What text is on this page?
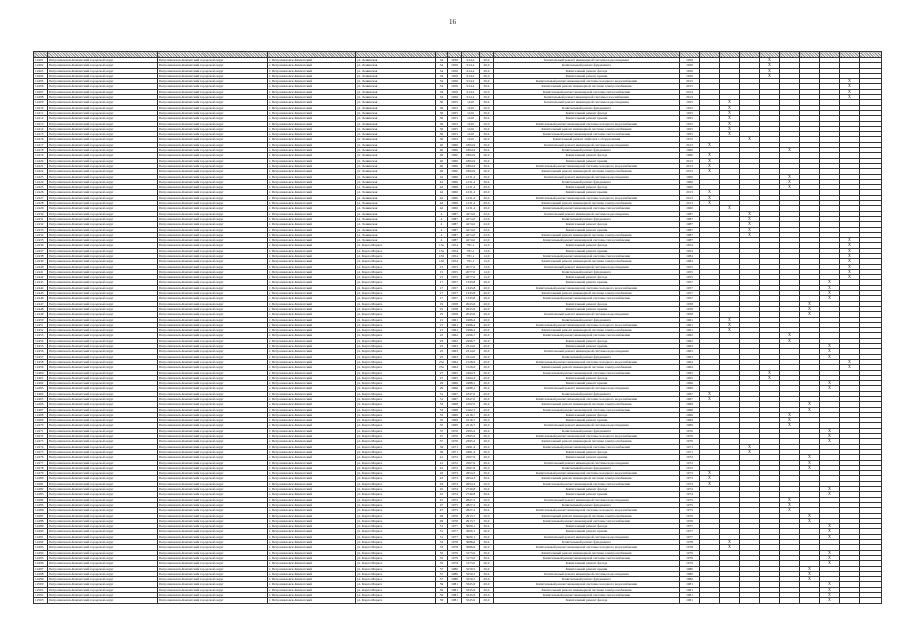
16

12401	Петропавловск-Камчатский городской округ	Петропавловск-Камчатский городской округ	г. Петропавловск-Камчатский	ул. Ленинская	34	1956	914,2	20,0	Капитальный ремонт инженерной системы водоотведения	1956				X					
12402	Петропавловск-Камчатский городской округ	Петропавловск-Камчатский городской округ	г. Петропавловск-Камчатский	ул. Ленинская	34	1956	914,2	20,0	Капитальный ремонт фундамента	1956				X					
12403	Петропавловск-Камчатский городской округ	Петропавловск-Камчатский городской округ	г. Петропавловск-Камчатский	ул. Ленинская	34	1956	914,2	20,0	Капитальный ремонт фасада	1956				X					
12404	Петропавловск-Камчатский городской округ	Петропавловск-Камчатский городской округ	г. Петропавловск-Камчатский	ул. Ленинская	34	1956	914,2	20,0	Капитальный ремонт крыши	1956				X					
12405	Петропавловск-Камчатский городской округ	Петропавловск-Камчатский городской округ	г. Петропавловск-Камчатский	ул. Ленинская	34	1956	914,2	20,0	Капитальный ремонт инженерной системы холодного водоснабжения	2015								X	
12406	Петропавловск-Камчатский городской округ	Петропавловск-Камчатский городской округ	г. Петропавловск-Камчатский	ул. Ленинская	34	1956	914,2	20,0	Капитальный ремонт инженерной системы электроснабжения	2015								X	
12407	Петропавловск-Камчатский городской округ	Петропавловск-Камчатский городской округ	г. Петропавловск-Камчатский	ул. Ленинская	34	1956	914,2	20,0	Капитальный ремонт инженерной системы теплоснабжения	2014								X	
12408	Петропавловск-Камчатский городской округ	Петропавловск-Камчатский городской округ	г. Петропавловск-Камчатский	ул. Ленинская	34	1956	914,2	20,0	Капитальный ремонт инженерной системы газоснабжения	2014								X	
12409	Петропавловск-Камчатский городской округ	Петропавловск-Камчатский городской округ	г. Петропавловск-Камчатский	ул. Ленинская	36	1955	1410	20,0	Капитальный ремонт инженерной системы водоотведения	1955		X							
12410	Петропавловск-Камчатский городской округ	Петропавловск-Камчатский городской округ	г. Петропавловск-Камчатский	ул. Ленинская	36	1955	1410	20,0	Капитальный ремонт фундамента	1955		X							
12411	Петропавловск-Камчатский городской округ	Петропавловск-Камчатский городской округ	г. Петропавловск-Камчатский	ул. Ленинская	36	1955	1410	20,0	Капитальный ремонт фасада	1955		X							
12412	Петропавловск-Камчатский городской округ	Петропавловск-Камчатский городской округ	г. Петропавловск-Камчатский	ул. Ленинская	36	1955	1410	20,0	Капитальный ремонт крыши	1955		X							
12413	Петропавловск-Камчатский городской округ	Петропавловск-Камчатский городской округ	г. Петропавловск-Камчатский	ул. Ленинская	36	1955	1410	20,0	Капитальный ремонт инженерной системы холодного водоснабжения	1955		X							
12414	Петропавловск-Камчатский городской округ	Петропавловск-Камчатский городской округ	г. Петропавловск-Камчатский	ул. Ленинская	36	1955	1410	20,0	Капитальный ремонт инженерной системы электроснабжения	1955		X							
12415	Петропавловск-Камчатский городской округ	Петропавловск-Камчатский городской округ	г. Петропавловск-Камчатский	ул. Ленинская	36	1955	1410	20,0	Капитальный ремонт инженерной системы теплоснабжения	1955		X							
12416	Петропавловск-Камчатский городской округ	Петропавловск-Камчатский городской округ	г. Петропавловск-Камчатский	ул. Ленинская	36	1955	1410	20,0	Капитальный ремонт лифтового оборудования	1972			X						
12417	Петропавловск-Камчатский городской округ	Петропавловск-Камчатский городской округ	г. Петропавловск-Камчатский	ул. Ленинская	40	1960	1864,9	20,0	Капитальный ремонт инженерной системы водоотведения	2013	X								
12418	Петропавловск-Камчатский городской округ	Петропавловск-Камчатский городской округ	г. Петропавловск-Камчатский	ул. Ленинская	40	1960	1864,9	20,0	Капитальный ремонт фундамента	1960					X				
12419	Петропавловск-Камчатский городской округ	Петропавловск-Камчатский городской округ	г. Петропавловск-Камчатский	ул. Ленинская	40	1960	1864,9	20,0	Капитальный ремонт фасада	1960	X								
12420	Петропавловск-Камчатский городской округ	Петропавловск-Камчатский городской округ	г. Петропавловск-Камчатский	ул. Ленинская	40	1960	1864,9	20,0	Капитальный ремонт крыши	2013	X								
12421	Петропавловск-Камчатский городской округ	Петропавловск-Камчатский городской округ	г. Петропавловск-Камчатский	ул. Ленинская	40	1960	1864,9	20,0	Капитальный ремонт инженерной системы холодного водоснабжения	2013	X								
12422	Петропавловск-Камчатский городской округ	Петропавловск-Камчатский городской округ	г. Петропавловск-Камчатский	ул. Ленинская	40	1960	1864,9	20,0	Капитальный ремонт инженерной системы электроснабжения	2013	X								
12423	Петропавловск-Камчатский городской округ	Петропавловск-Камчатский городской округ	г. Петропавловск-Камчатский	ул. Ленинская	42	1960	1231,2	20,0	Капитальный ремонт инженерной системы водоотведения	1960					X				
12424	Петропавловск-Камчатский городской округ	Петропавловск-Камчатский городской округ	г. Петропавловск-Камчатский	ул. Ленинская	42	1960	1231,2	20,0	Капитальный ремонт фундамента	1960					X				
12425	Петропавловск-Камчатский городской округ	Петропавловск-Камчатский городской округ	г. Петропавловск-Камчатский	ул. Ленинская	42	1960	1231,2	20,0	Капитальный ремонт фасада	1960					X				
12426	Петропавловск-Камчатский городской округ	Петропавловск-Камчатский городской округ	г. Петропавловск-Камчатский	ул. Ленинская	42	1960	1231,2	20,0	Капитальный ремонт крыши	2013	X								
12427	Петропавловск-Камчатский городской округ	Петропавловск-Камчатский городской округ	г. Петропавловск-Камчатский	ул. Ленинская	42	1960	1231,2	20,0	Капитальный ремонт инженерной системы холодного водоснабжения	2013	X								
12428	Петропавловск-Камчатский городской округ	Петропавловск-Камчатский городской округ	г. Петропавловск-Камчатский	ул. Ленинская	42	1960	1231,2	20,0	Капитальный ремонт инженерной системы электроснабжения	2013	X								
12429	Петропавловск-Камчатский городской округ	Петропавловск-Камчатский городской округ	г. Петропавловск-Камчатский	ул. Ленинская	42	1960	1231,2	20,0	Капитальный ремонт инженерной системы теплоснабжения	1960		X							
12430	Петропавловск-Камчатский городской округ	Петропавловск-Камчатский городской округ	г. Петропавловск-Камчатский	ул. Ленинская	4	1987	4274,0	22,0	Капитальный ремонт инженерной системы водоотведения	1987			X						
12431	Петропавловск-Камчатский городской округ	Петропавловск-Камчатский городской округ	г. Петропавловск-Камчатский	ул. Ленинская	4	1987	4274,0	22,0	Капитальный ремонт фундамента	1987			X						
12432	Петропавловск-Камчатский городской округ	Петропавловск-Камчатский городской округ	г. Петропавловск-Камчатский	ул. Ленинская	4	1987	4274,0	22,0	Капитальный ремонт фасада	1987			X						
12433	Петропавловск-Камчатский городской округ	Петропавловск-Камчатский городской округ	г. Петропавловск-Камчатский	ул. Ленинская	4	1987	4274,0	22,0	Капитальный ремонт крыши	1987			X						
12434	Петропавловск-Камчатский городской округ	Петропавловск-Камчатский городской округ	г. Петропавловск-Камчатский	ул. Ленинская	4	1987	4274,0	22,0	Капитальный ремонт инженерной системы электроснабжения	1987			X						
12435	Петропавловск-Камчатский городской округ	Петропавловск-Камчатский городской округ	г. Петропавловск-Камчатский	ул. Ленинская	4	1987	4274,0	22,0	Капитальный ремонт инженерной системы теплоснабжения	1987								X	
12436	Петропавловск-Камчатский городской округ	Петропавловск-Камчатский городской округ	г. Петропавловск-Камчатский	ул. Карла Маркса	13а	1954	781,1	12,0	Капитальный ремонт фасада	1954								X	
12437	Петропавловск-Камчатский городской округ	Петропавловск-Камчатский городской округ	г. Петропавловск-Камчатский	ул. Карла Маркса	13а	1954	781,1	12,0	Капитальный ремонт крыши	1954								X	
12438	Петропавловск-Камчатский городской округ	Петропавловск-Камчатский городской округ	г. Петропавловск-Камчатский	ул. Карла Маркса	13б	1954	781,1	12,0	Капитальный ремонт инженерной системы теплоснабжения	1984								X	
12439	Петропавловск-Камчатский городской округ	Петропавловск-Камчатский городской округ	г. Петропавловск-Камчатский	ул. Карла Маркса	13б	1954	781,1	12,0	Капитальный ремонт инженерной системы электроснабжения	1984								X	
12440	Петропавловск-Камчатский городской округ	Петропавловск-Камчатский городской округ	г. Петропавловск-Камчатский	ул. Карла Маркса	15	1955	2077,0	12,0	Капитальный ремонт инженерной системы водоотведения	1955								X	
12441	Петропавловск-Камчатский городской округ	Петропавловск-Камчатский городской округ	г. Петропавловск-Камчатский	ул. Карла Маркса	15	1955	2077,0	12,0	Капитальный ремонт фундамента	1955								X	
12442	Петропавловск-Камчатский городской округ	Петропавловск-Камчатский городской округ	г. Петропавловск-Камчатский	ул. Карла Маркса	15	1955	2077,0	12,0	Капитальный ремонт фасада	1955								X	
12443	Петропавловск-Камчатский городской округ	Петропавловск-Камчатский городской округ	г. Петропавловск-Камчатский	ул. Карла Маркса	17	1957	1343,8	20,0	Капитальный ремонт крыши	1957							X		
12444	Петропавловск-Камчатский городской округ	Петропавловск-Камчатский городской округ	г. Петропавловск-Камчатский	ул. Карла Маркса	17	1957	1343,8	20,0	Капитальный ремонт инженерной системы холодного водоснабжения	1957							X		
12445	Петропавловск-Камчатский городской округ	Петропавловск-Камчатский городской округ	г. Петропавловск-Камчатский	ул. Карла Маркса	17	1957	1343,8	20,0	Капитальный ремонт инженерной системы электроснабжения	1957							X		
12446	Петропавловск-Камчатский городской округ	Петропавловск-Камчатский городской округ	г. Петропавловск-Камчатский	ул. Карла Маркса	17	1957	1343,8	20,0	Капитальный ремонт инженерной системы теплоснабжения	1957							X		
12447	Петропавловск-Камчатский городской округ	Петропавловск-Камчатский городской округ	г. Петропавловск-Камчатский	ул. Карла Маркса	19	1958	2043,6	20,0	Капитальный ремонт фасада	1958						X			
12448	Петропавловск-Камчатский городской округ	Петропавловск-Камчатский городской округ	г. Петропавловск-Камчатский	ул. Карла Маркса	19	1958	2043,6	20,0	Капитальный ремонт крыши	1958						X			
12449	Петропавловск-Камчатский городской округ	Петропавловск-Камчатский городской округ	г. Петропавловск-Камчатский	ул. Карла Маркса	19	1958	2043,6	20,0	Капитальный ремонт инженерной системы водоотведения	1958						X			
12450	Петропавловск-Камчатский городской округ	Петропавловск-Камчатский городской округ	г. Петропавловск-Камчатский	ул. Карла Маркса	21	1961	1986,4	20,0	Капитальный ремонт фундамента	1961		X							
12451	Петропавловск-Камчатский городской округ	Петропавловск-Камчатский городской округ	г. Петропавловск-Камчатский	ул. Карла Маркса	21	1961	1986,4	20,0	Капитальный ремонт инженерной системы холодного водоснабжения	1961		X							
12452	Петропавловск-Камчатский городской округ	Петропавловск-Камчатский городской округ	г. Петропавловск-Камчатский	ул. Карла Маркса	21	1961	1986,4	20,0	Капитальный ремонт инженерной системы электроснабжения	1961		X							
12453	Петропавловск-Камчатский городской округ	Петропавловск-Камчатский городской округ	г. Петропавловск-Камчатский	ул. Карла Маркса	23	1962	2296,7	20,0	Капитальный ремонт инженерной системы теплоснабжения	1962					X				
12454	Петропавловск-Камчатский городской округ	Петропавловск-Камчатский городской округ	г. Петропавловск-Камчатский	ул. Карла Маркса	23	1962	2296,7	20,0	Капитальный ремонт фасада	1962					X				
12455	Петропавловск-Камчатский городской округ	Петропавловск-Камчатский городской округ	г. Петропавловск-Камчатский	ул. Карла Маркса	25	1963	2314,0	20,0	Капитальный ремонт крыши	1963							X		
12456	Петропавловск-Камчатский городской округ	Петропавловск-Камчатский городской округ	г. Петропавловск-Камчатский	ул. Карла Маркса	25	1963	2314,0	20,0	Капитальный ремонт инженерной системы водоотведения	1963							X		
12457	Петропавловск-Камчатский городской округ	Петропавловск-Камчатский городской округ	г. Петропавловск-Камчатский	ул. Карла Маркса	25	1963	2314,0	20,0	Капитальный ремонт фундамента	1963							X		
12458	Петропавловск-Камчатский городской округ	Петропавловск-Камчатский городской округ	г. Петропавловск-Камчатский	ул. Карла Маркса	25а	1964	1528,6	20,0	Капитальный ремонт инженерной системы холодного водоснабжения	1964								X	
12459	Петропавловск-Камчатский городской округ	Петропавловск-Камчатский городской округ	г. Петропавловск-Камчатский	ул. Карла Маркса	25а	1964	1528,6	20,0	Капитальный ремонт инженерной системы электроснабжения	1964								X	
12460	Петропавловск-Камчатский городской округ	Петропавловск-Камчатский городской округ	г. Петропавловск-Камчатский	ул. Карла Маркса	27	1965	1694,3	20,0	Капитальный ремонт инженерной системы теплоснабжения	1965				X					
12461	Петропавловск-Камчатский городской округ	Петропавловск-Камчатский городской округ	г. Петропавловск-Камчатский	ул. Карла Маркса	27	1965	1694,3	20,0	Капитальный ремонт фасада	1965				X					
12462	Петропавловск-Камчатский городской округ	Петропавловск-Камчатский городской округ	г. Петропавловск-Камчатский	ул. Карла Маркса	29	1966	2488,1	20,0	Капитальный ремонт крыши	1966							X		
12463	Петропавловск-Камчатский городской округ	Петропавловск-Камчатский городской округ	г. Петропавловск-Камчатский	ул. Карла Маркса	29	1966	2488,1	20,0	Капитальный ремонт инженерной системы водоотведения	1966							X		
12464	Петропавловск-Камчатский городской округ	Петропавловск-Камчатский городской округ	г. Петропавловск-Камчатский	ул. Карла Маркса	31	1967	1847,0	20,0	Капитальный ремонт фундамента	1967	X								
12465	Петропавловск-Камчатский городской округ	Петропавловск-Камчатский городской округ	г. Петропавловск-Камчатский	ул. Карла Маркса	31	1967	1847,0	20,0	Капитальный ремонт инженерной системы холодного водоснабжения	1967	X								
12466	Петропавловск-Камчатский городской округ	Петропавловск-Камчатский городской округ	г. Петропавловск-Камчатский	ул. Карла Маркса	33	1968	2102,5	20,0	Капитальный ремонт инженерной системы электроснабжения	1968						X			
12467	Петропавловск-Камчатский городской округ	Петропавловск-Камчатский городской округ	г. Петропавловск-Камчатский	ул. Карла Маркса	33	1968	2102,5	20,0	Капитальный ремонт инженерной системы теплоснабжения	1968						X			
12468	Петропавловск-Камчатский городской округ	Петропавловск-Камчатский городской округ	г. Петропавловск-Камчатский	ул. Карла Маркса	35	1969	2216,7	20,0	Капитальный ремонт фасада	1969					X				
12469	Петропавловск-Камчатский городской округ	Петропавловск-Камчатский городской округ	г. Петропавловск-Камчатский	ул. Карла Маркса	35	1969	2216,7	20,0	Капитальный ремонт крыши	1969					X				
12470	Петропавловск-Камчатский городской округ	Петропавловск-Камчатский городской округ	г. Петропавловск-Камчатский	ул. Карла Маркса	35	1969	2216,7	20,0	Капитальный ремонт инженерной системы водоотведения	1969					X				
12471	Петропавловск-Камчатский городской округ	Петропавловск-Камчатский городской округ	г. Петропавловск-Камчатский	ул. Карла Маркса	37	1970	2395,2	20,0	Капитальный ремонт фундамента	1970							X		
12472	Петропавловск-Камчатский городской округ	Петропавловск-Камчатский городской округ	г. Петропавловск-Камчатский	ул. Карла Маркса	37	1970	2395,2	20,0	Капитальный ремонт инженерной системы холодного водоснабжения	1970							X		
12473	Петропавловск-Камчатский городской округ	Петропавловск-Камчатский городской округ	г. Петропавловск-Камчатский	ул. Карла Маркса	37	1970	2395,2	20,0	Капитальный ремонт инженерной системы электроснабжения	1970							X		
12474	Петропавловск-Камчатский городской округ	Петропавловск-Камчатский городской округ	г. Петропавловск-Камчатский	ул. Карла Маркса	39	1971	2481,4	20,0	Капитальный ремонт инженерной системы теплоснабжения	1971			X						
12475	Петропавловск-Камчатский городской округ	Петропавловск-Камчатский городской округ	г. Петропавловск-Камчатский	ул. Карла Маркса	39	1971	2481,4	20,0	Капитальный ремонт фасада	1971			X						
12476	Петропавловск-Камчатский городской округ	Петропавловск-Камчатский городской округ	г. Петропавловск-Камчатский	ул. Карла Маркса	41	1972	2567,9	20,0	Капитальный ремонт крыши	1972						X			
12477	Петропавловск-Камчатский городской округ	Петропавловск-Камчатский городской округ	г. Петропавловск-Камчатский	ул. Карла Маркса	41	1972	2567,9	20,0	Капитальный ремонт инженерной системы водоотведения	1972						X			
12478	Петропавловск-Камчатский городской округ	Петропавловск-Камчатский городской округ	г. Петропавловск-Камчатский	ул. Карла Маркса	41	1972	2567,9	20,0	Капитальный ремонт фундамента	1972						X			
12479	Петропавловск-Камчатский городской округ	Петропавловск-Камчатский городской округ	г. Петропавловск-Камчатский	ул. Карла Маркса	43	1973	2654,3	20,0	Капитальный ремонт инженерной системы холодного водоснабжения	1973	X								
12480	Петропавловск-Камчатский городской округ	Петропавловск-Камчатский городской округ	г. Петропавловск-Камчатский	ул. Карла Маркса	43	1973	2654,3	20,0	Капитальный ремонт инженерной системы электроснабжения	1973	X								
12481	Петропавловск-Камчатский городской округ	Петропавловск-Камчатский городской округ	г. Петропавловск-Камчатский	ул. Карла Маркса	43	1973	2654,3	20,0	Капитальный ремонт инженерной системы теплоснабжения	1973	X								
12482	Петропавловск-Камчатский городской округ	Петропавловск-Камчатский городской округ	г. Петропавловск-Камчатский	ул. Карла Маркса	45	1974	2740,8	20,0	Капитальный ремонт фасада	1974							X		
12483	Петропавловск-Камчатский городской округ	Петропавловск-Камчатский городской округ	г. Петропавловск-Камчатский	ул. Карла Маркса	45	1974	2740,8	20,0	Капитальный ремонт крыши	1974							X		
12484	Петропавловск-Камчатский городской округ	Петропавловск-Камчатский городской округ	г. Петропавловск-Камчатский	ул. Карла Маркса	47	1975	2827,2	20,0	Капитальный ремонт инженерной системы водоотведения	1975					X				
12485	Петропавловск-Камчатский городской округ	Петропавловск-Камчатский городской округ	г. Петропавловск-Камчатский	ул. Карла Маркса	47	1975	2827,2	20,0	Капитальный ремонт фундамента	1975					X				
12486	Петропавловск-Камчатский городской округ	Петропавловск-Камчатский городской округ	г. Петропавловск-Камчатский	ул. Карла Маркса	47	1975	2827,2	20,0	Капитальный ремонт инженерной системы холодного водоснабжения	1975					X				
12487	Петропавловск-Камчатский городской округ	Петропавловск-Камчатский городской округ	г. Петропавловск-Камчатский	ул. Карла Маркса	49	1976	2913,7	20,0	Капитальный ремонт инженерной системы электроснабжения	1976						X			
12488	Петропавловск-Камчатский городской округ	Петропавловск-Камчатский городской округ	г. Петропавловск-Камчатский	ул. Карла Маркса	49	1976	2913,7	20,0	Капитальный ремонт инженерной системы теплоснабжения	1976						X			
12489	Петропавловск-Камчатский городской округ	Петропавловск-Камчатский городской округ	г. Петропавловск-Камчатский	ул. Карла Маркса	51	1977	3000,1	20,0	Капитальный ремонт фасада	1977							X		
12490	Петропавловск-Камчатский городской округ	Петропавловск-Камчатский городской округ	г. Петропавловск-Камчатский	ул. Карла Маркса	51	1977	3000,1	20,0	Капитальный ремонт крыши	1977							X		
12491	Петропавловск-Камчатский городской округ	Петропавловск-Камчатский городской округ	г. Петропавловск-Камчатский	ул. Карла Маркса	51	1977	3000,1	20,0	Капитальный ремонт инженерной системы водоотведения	1977							X		
12492	Петропавловск-Камчатский городской округ	Петропавловск-Камчатский городской округ	г. Петропавловск-Камчатский	ул. Карла Маркса	53	1978	3086,6	20,0	Капитальный ремонт фундамента	1978		X							
12493	Петропавловск-Камчатский городской округ	Петропавловск-Камчатский городской округ	г. Петропавловск-Камчатский	ул. Карла Маркса	53	1978	3086,6	20,0	Капитальный ремонт инженерной системы холодного водоснабжения	1978		X							
12494	Петропавловск-Камчатский городской округ	Петропавловск-Камчатский городской округ	г. Петропавловск-Камчатский	ул. Карла Маркса	55	1979	3173,0	20,0	Капитальный ремонт инженерной системы электроснабжения	1979							X		
12495	Петропавловск-Камчатский городской округ	Петропавловск-Камчатский городской округ	г. Петропавловск-Камчатский	ул. Карла Маркса	55	1979	3173,0	20,0	Капитальный ремонт инженерной системы теплоснабжения	1979							X		
12496	Петропавловск-Камчатский городской округ	Петропавловск-Камчатский городской округ	г. Петропавловск-Камчатский	ул. Карла Маркса	55	1979	3173,0	20,0	Капитальный ремонт фасада	1979							X		
12497	Петропавловск-Камчатский городской округ	Петропавловск-Камчатский городской округ	г. Петропавловск-Камчатский	ул. Карла Маркса	57	1980	3259,5	20,0	Капитальный ремонт крыши	1980						X			
12498	Петропавловск-Камчатский городской округ	Петропавловск-Камчатский городской округ	г. Петропавловск-Камчатский	ул. Карла Маркса	57	1980	3259,5	20,0	Капитальный ремонт инженерной системы водоотведения	1980						X			
12499	Петропавловск-Камчатский городской округ	Петропавловск-Камчатский городской округ	г. Петропавловск-Камчатский	ул. Карла Маркса	57	1980	3259,5	20,0	Капитальный ремонт фундамента	1980						X			
12500	Петропавловск-Камчатский городской округ	Петропавловск-Камчатский городской округ	г. Петропавловск-Камчатский	ул. Карла Маркса	59	1981	3345,9	20,0	Капитальный ремонт инженерной системы холодного водоснабжения	1981							X		
12501	Петропавловск-Камчатский городской округ	Петропавловск-Камчатский городской округ	г. Петропавловск-Камчатский	ул. Карла Маркса	59	1981	3345,9	20,0	Капитальный ремонт инженерной системы электроснабжения	1981							X		
12502	Петропавловск-Камчатский городской округ	Петропавловск-Камчатский городской округ	г. Петропавловск-Камчатский	ул. Карла Маркса	59	1981	3345,9	20,0	Капитальный ремонт инженерной системы теплоснабжения	1981							X		
12503	Петропавловск-Камчатский городской округ	Петропавловск-Камчатский городской округ	г. Петропавловск-Камчатский	ул. Карла Маркса	59	1981	3345,9	20,0	Капитальный ремонт фасада	1981							X		
